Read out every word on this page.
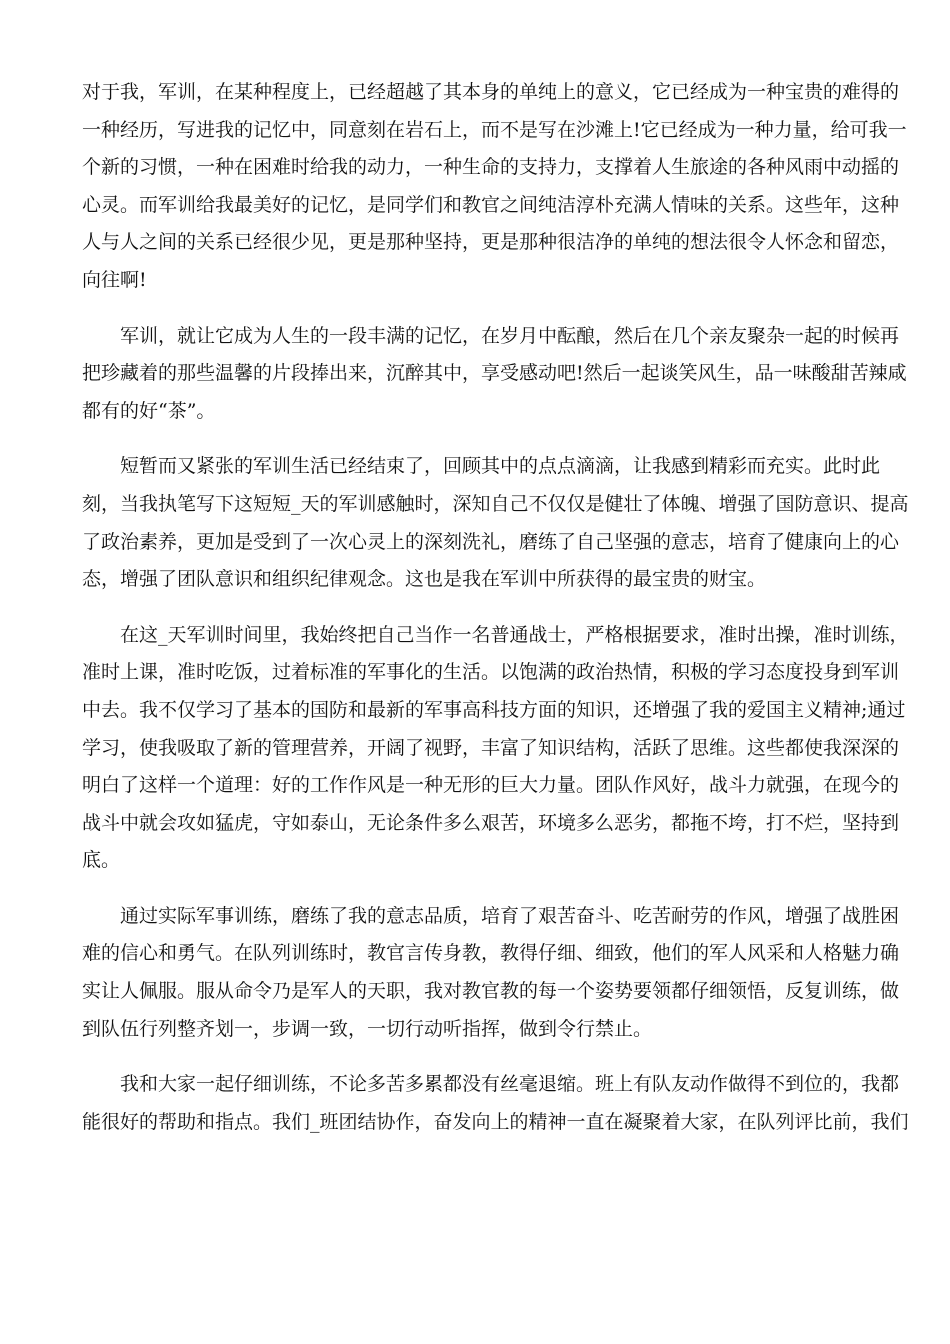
对于我，军训，在某种程度上，已经超越了其本身的单纯上的意义，它已经成为一种宝贵的难得的
一种经历，写进我的记忆中，同意刻在岩石上，而不是写在沙滩上!它已经成为一种力量，给可我一
个新的习惯，一种在困难时给我的动力，一种生命的支持力，支撑着人生旅途的各种风雨中动摇的
心灵。而军训给我最美好的记忆，是同学们和教官之间纯洁淳朴充满人情味的关系。这些年，这种
人与人之间的关系已经很少见，更是那种坚持，更是那种很洁净的单纯的想法很令人怀念和留恋，
向往啊!

军训，就让它成为人生的一段丰满的记忆，在岁月中酝酿，然后在几个亲友聚杂一起的时候再
把珍藏着的那些温馨的片段捧出来，沉醉其中，享受感动吧!然后一起谈笑风生，品一味酸甜苦辣咸
都有的好“茶”。

短暂而又紧张的军训生活已经结束了，回顾其中的点点滴滴，让我感到精彩而充实。此时此
刻，当我执笔写下这短短_天的军训感触时，深知自己不仅仅是健壮了体魄、增强了国防意识、提高
了政治素养，更加是受到了一次心灵上的深刻洗礼，磨练了自己坚强的意志，培育了健康向上的心
态，增强了团队意识和组织纪律观念。这也是我在军训中所获得的最宝贵的财宝。

在这_天军训时间里，我始终把自己当作一名普通战士，严格根据要求，准时出操，准时训练，
准时上课，准时吃饭，过着标准的军事化的生活。以饱满的政治热情，积极的学习态度投身到军训
中去。我不仅学习了基本的国防和最新的军事高科技方面的知识，还增强了我的爱国主义精神;通过
学习，使我吸取了新的管理营养，开阔了视野，丰富了知识结构，活跃了思维。这些都使我深深的
明白了这样一个道理：好的工作作风是一种无形的巨大力量。团队作风好，战斗力就强，在现今的
战斗中就会攻如猛虎，守如泰山，无论条件多么艰苦，环境多么恶劣，都拖不垮，打不烂，坚持到
底。

通过实际军事训练，磨练了我的意志品质，培育了艰苦奋斗、吃苦耐劳的作风，增强了战胜困
难的信心和勇气。在队列训练时，教官言传身教，教得仔细、细致，他们的军人风采和人格魅力确
实让人佩服。服从命令乃是军人的天职，我对教官教的每一个姿势要领都仔细领悟，反复训练，做
到队伍行列整齐划一，步调一致，一切行动听指挥，做到令行禁止。

我和大家一起仔细训练，不论多苦多累都没有丝毫退缩。班上有队友动作做得不到位的，我都
能很好的帮助和指点。我们_班团结协作，奋发向上的精神一直在凝聚着大家，在队列评比前，我们
